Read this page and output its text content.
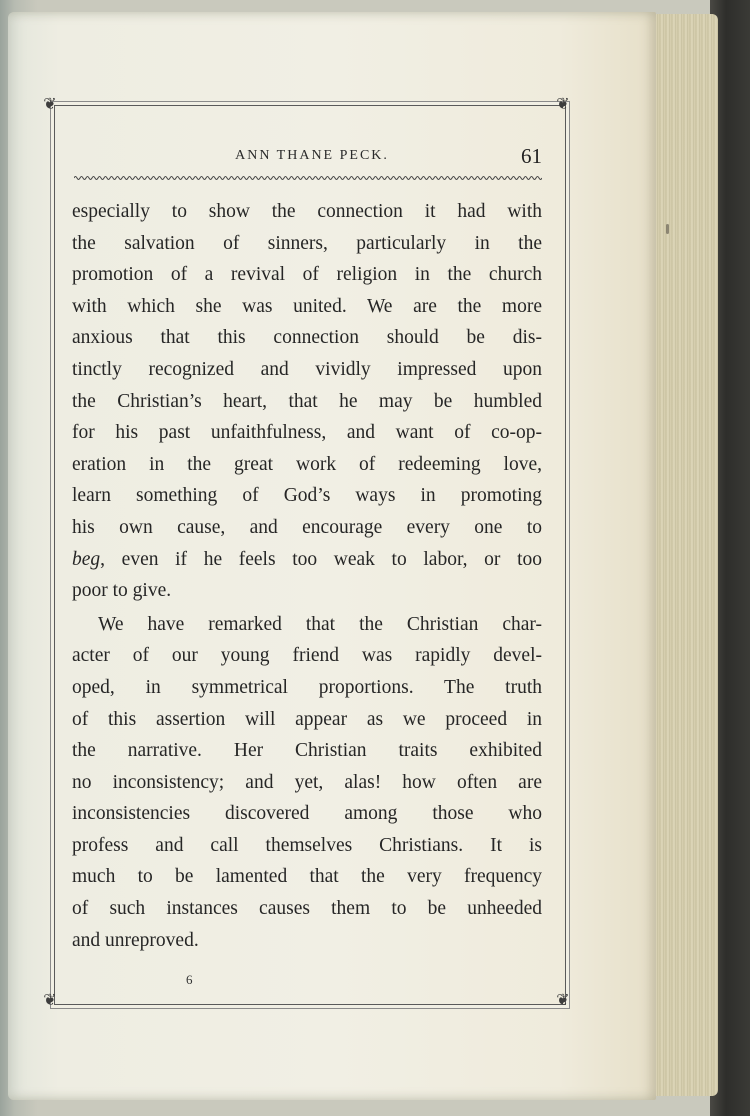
❦	❦
❦	❦
ANN THANE PECK.	61
especially to show the connection it had with
the salvation of sinners, particularly in the
promotion of a revival of religion in the church
with which she was united. We are the more
anxious that this connection should be dis-
tinctly recognized and vividly impressed upon
the Christian’s heart, that he may be humbled
for his past unfaithfulness, and want of co-op-
eration in the great work of redeeming love,
learn something of God’s ways in promoting
his own cause, and encourage every one to
beg, even if he feels too weak to labor, or too
poor to give.
We have remarked that the Christian char-
acter of our young friend was rapidly devel-
oped, in symmetrical proportions. The truth
of this assertion will appear as we proceed in
the narrative. Her Christian traits exhibited
no inconsistency; and yet, alas! how often are
inconsistencies discovered among those who
profess and call themselves Christians. It is
much to be lamented that the very frequency
of such instances causes them to be unheeded
and unreproved.
6
